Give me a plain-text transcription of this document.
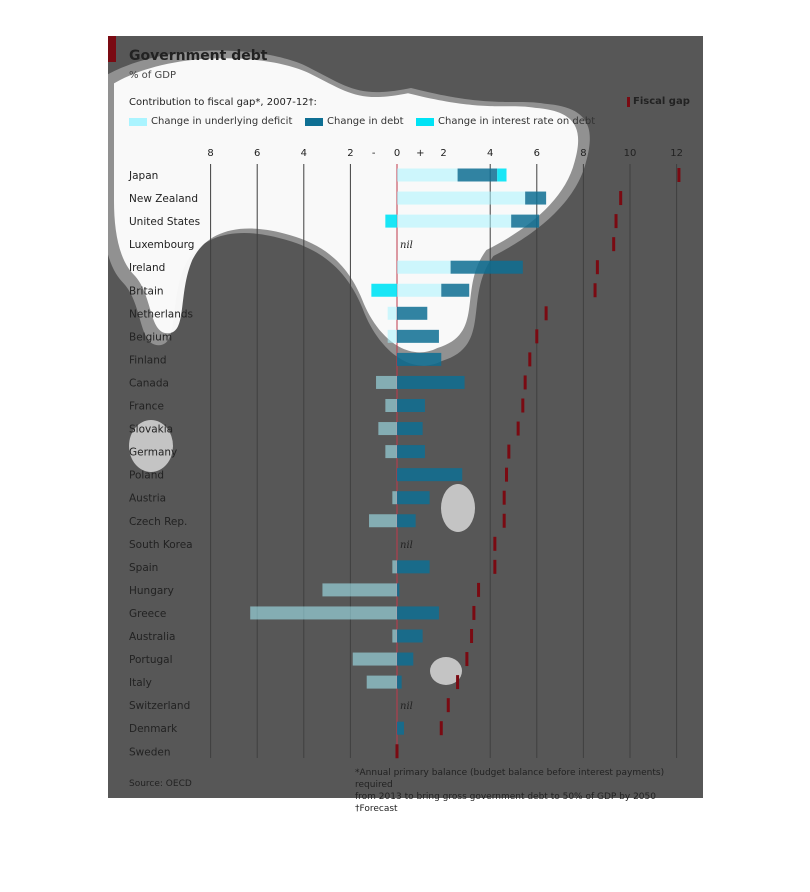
8	6	4	2	0	2	4	6	8	10	12
-	+
Japan
New Zealand
United States
Luxembourg	nil
Ireland
Britain
Netherlands
Belgium
Finland
Canada
France
Slovakia
Germany
Poland
Austria
Czech Rep.
South Korea	nil
Spain
Hungary
Greece
Australia
Portugal
Italy
Switzerland	nil
Denmark
Sweden
Government debt
% of GDP
Contribution to fiscal gap*, 2007-12†:
Change in underlying deficit	Change in debt	Change in interest rate on debt
Fiscal gap
Source: OECD
*Annual primary balance (budget balance before interest payments) required
from 2013 to bring gross government debt to 50% of GDP by 2050 †Forecast
